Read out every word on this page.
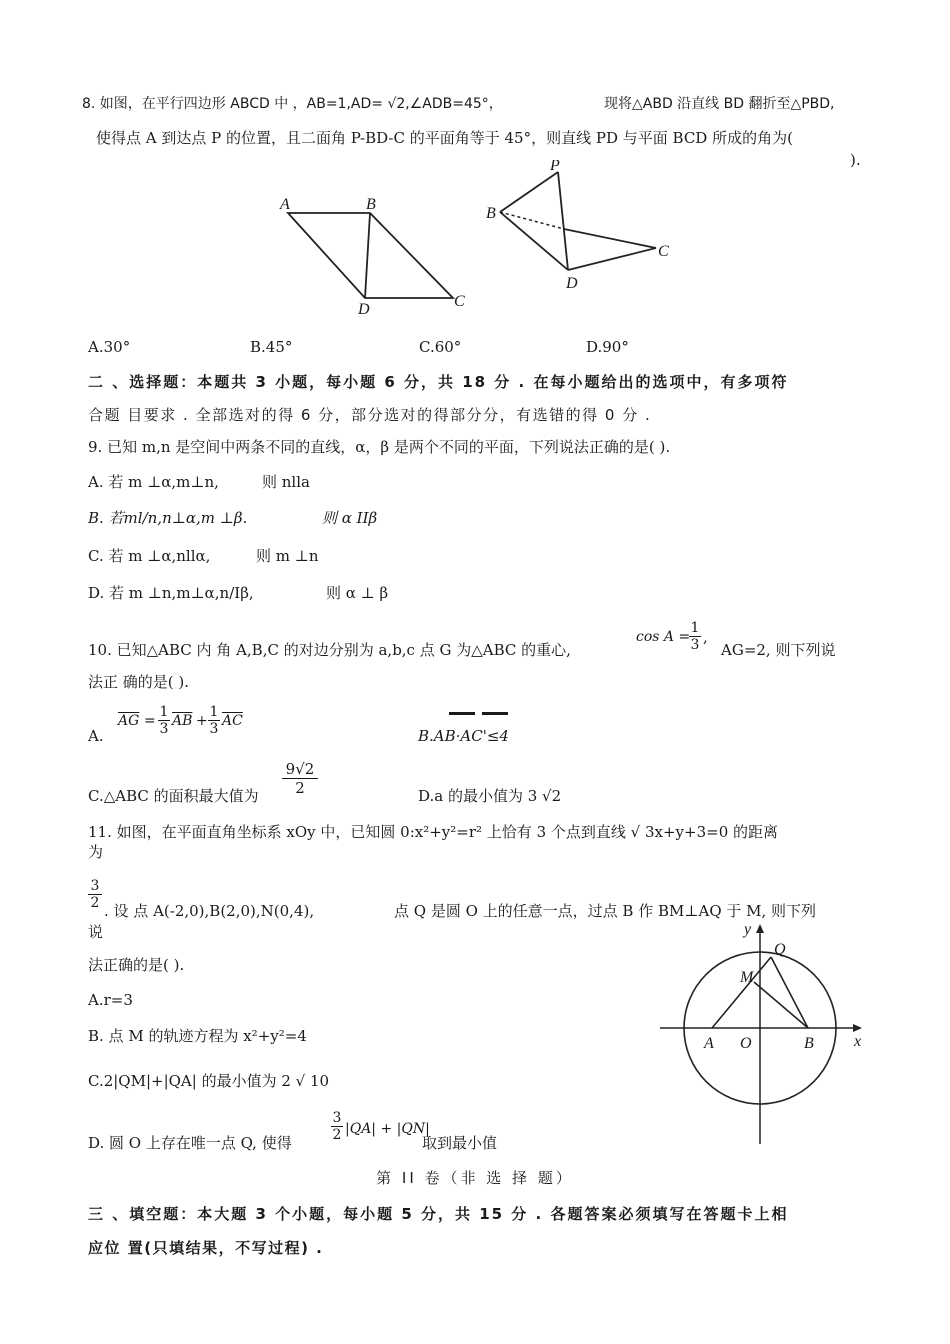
8. 如图，在平行四边形 ABCD 中 ，AB=1,AD= √2,∠ADB=45°，	现将△ABD 沿直线 BD 翻折至△PBD,
使得点 A 到达点 P 的位置，且二面角 P-BD-C 的平面角等于 45°，则直线 PD 与平面 BCD 所成的角为(
).
A	B
C
D
P
B
C
D
A.30°	B.45°	C.60°	D.90°
二 、选择题：本题共 3 小题，每小题 6 分，共 18 分 . 在每小题给出的选项中，有多项符
合题 目要求 . 全部选对的得 6 分，部分选对的得部分分，有选错的得 0 分 .
9. 已知 m,n 是空间中两条不同的直线，α，β 是两个不同的平面，下列说法正确的是( ).
A. 若 m ⊥α,m⊥n,	则 nlla
B. 若ml/n,n⊥α,m ⊥β.	则 α IIβ
C. 若 m ⊥α,nllα,	则 m ⊥n
D. 若 m ⊥n,m⊥α,n/Iβ,	则 α ⊥ β
10. 已知△ABC 内 角 A,B,C 的对边分别为 a,b,c 点 G 为△ABC 的重心,
cos A =
$\frac{1}{3}$ ,
AG=2, 则下列说
法正 确的是( ).
A.
$\overline{AG} = \frac{1}{3} \overline{AB} + \frac{1}{3} \overline{AC}$
B.AB·AC'≤4
C.△ABC 的面积最大值为 $\frac{9√2}{2}$	D.a 的最小值为 3 √2
11. 如图，在平面直角坐标系 xOy 中，已知圆 0:x²+y²=r² 上恰有 3 个点到直线 √ 3x+y+3=0 的距离
为
$\frac{3}{2}$ . 设 点 A(-2,0),B(2,0),N(0,4),	点 Q 是圆 O 上的任意一点，过点 B 作 BM⊥AQ 于 M, 则下列
说
法正确的是( ).
A.r=3
B. 点 M 的轨迹方程为 x²+y²=4
C.2|QM|+|QA| 的最小值为 2 √ 10
D. 圆 O 上存在唯一点 Q, 使得	$\frac{3}{2} |QA| + |QN|$
取到最小值
y
x
Q
M
A O	B
第 II 卷（非 选 择 题）
三 、填空题：本大题 3 个小题，每小题 5 分，共 15 分 . 各题答案必须填写在答题卡上相
应位 置(只填结果，不写过程) .
